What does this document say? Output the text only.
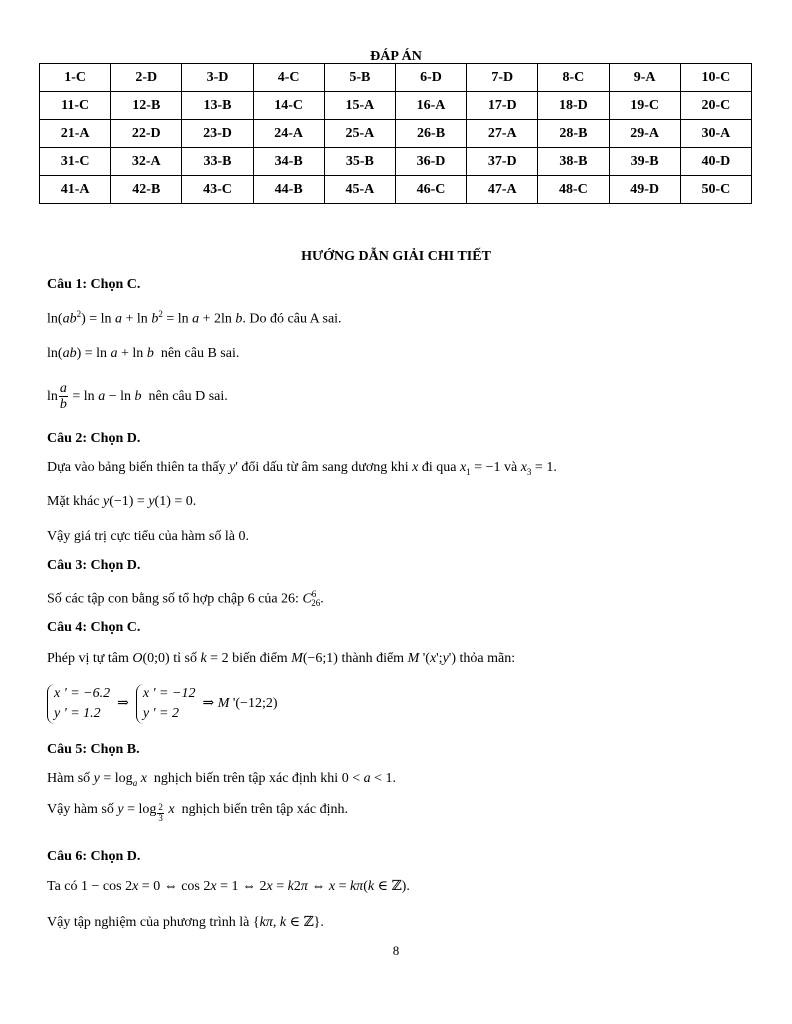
ĐÁP ÁN
1-C	2-D	3-D	4-C	5-B	6-D	7-D	8-C	9-A	10-C
11-C	12-B	13-B	14-C	15-A	16-A	17-D	18-D	19-C	20-C
21-A	22-D	23-D	24-A	25-A	26-B	27-A	28-B	29-A	30-A
31-C	32-A	33-B	34-B	35-B	36-D	37-D	38-B	39-B	40-D
41-A	42-B	43-C	44-B	45-A	46-C	47-A	48-C	49-D	50-C
HƯỚNG DẪN GIẢI CHI TIẾT
Câu 1: Chọn C.
$\ln(ab^2) = \ln a + \ln b^2 = \ln a + 2\ln$ b. Do đó câu A sai.
ln(ab) = ln a + ln b nên câu B sai.
$\ln \frac{a}{b} = \ln a - \ln b$ nên câu D sai.
Câu 2: Chọn D.
Dựa vào bảng biến thiên ta thấy y' đổi dấu từ âm sang dương khi x đi qua $x_1 = -1$ và $x_3 = 1$.
Mặt khác y(−1) = y(1) = 0.
Vậy giá trị cực tiểu của hàm số là 0.
Câu 3: Chọn D.
Số các tập con bằng số tổ hợp chập 6 của 26: $C^6_{26}$.
Câu 4: Chọn C.
Phép vị tự tâm O(0;0) tỉ số k = 2 biến điểm M(−6;1) thành điểm M '(x';y') thỏa mãn:
x ' = −6.2
y ' = 1.2
⇒
x ' = −12
y ' = 2
⇒ M '(−12;2)
Câu 5: Chọn B.
Hàm số $y = \log_a x$ nghịch biến trên tập xác định khi 0 < a < 1.
Vậy hàm số $y = \log \frac{2}{3}$ x nghịch biến trên tập xác định.
Câu 6: Chọn D.
Ta có 1 − cos 2x = 0 ⇔ cos 2x = 1 ⇔ 2x = k2π ⇔ x = kπ(k ∈ ℤ).
Vậy tập nghiệm của phương trình là {kπ, k ∈ ℤ}.
8
